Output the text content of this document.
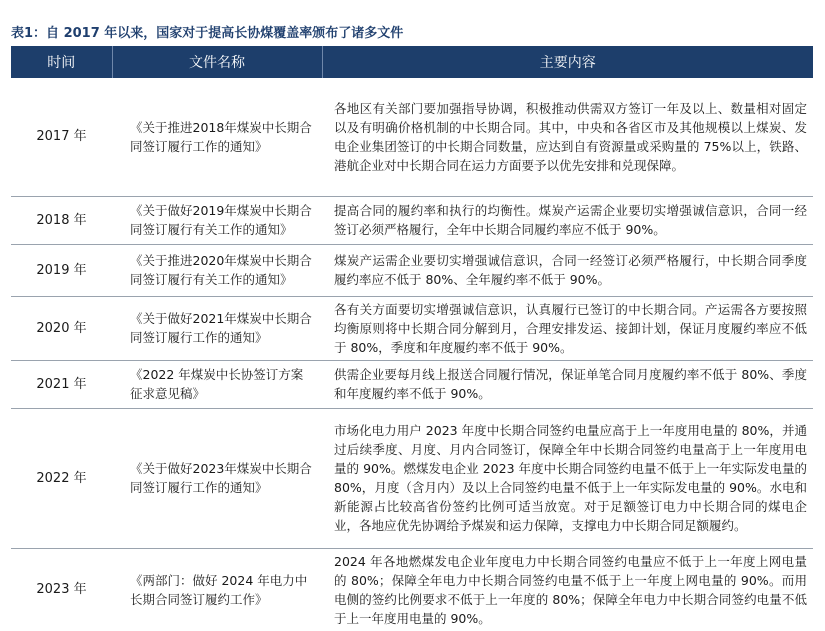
表1：自 2017 年以来，国家对于提高长协煤覆盖率颁布了诸多文件
时间	文件名称	主要内容
2017 年	《关于推进2018年煤炭中长期合同签订履行工作的通知》	各地区有关部门要加强指导协调，积极推动供需双方签订一年及以上、数量相对固定以及有明确价格机制的中长期合同。其中，中央和各省区市及其他规模以上煤炭、发电企业集团签订的中长期合同数量，应达到自有资源量或采购量的 75%以上，铁路、港航企业对中长期合同在运力方面要予以优先安排和兑现保障。
2018 年	《关于做好2019年煤炭中长期合同签订履行有关工作的通知》	提高合同的履约率和执行的均衡性。煤炭产运需企业要切实增强诚信意识，合同一经签订必须严格履行，全年中长期合同履约率应不低于 90%。
2019 年	《关于推进2020年煤炭中长期合同签订履行有关工作的通知》	煤炭产运需企业要切实增强诚信意识，合同一经签订必须严格履行，中长期合同季度履约率应不低于 80%、全年履约率不低于 90%。
2020 年	《关于做好2021年煤炭中长期合同签订履行工作的通知》	各有关方面要切实增强诚信意识，认真履行已签订的中长期合同。产运需各方要按照均衡原则将中长期合同分解到月，合理安排发运、接卸计划，保证月度履约率应不低于 80%，季度和年度履约率不低于 90%。
2021 年	《2022 年煤炭中长协签订方案征求意见稿》	供需企业要每月线上报送合同履行情况，保证单笔合同月度履约率不低于 80%、季度和年度履约率不低于 90%。
2022 年	《关于做好2023年煤炭中长期合同签订履行工作的通知》	市场化电力用户 2023 年度中长期合同签约电量应高于上一年度用电量的 80%，并通过后续季度、月度、月内合同签订，保障全年中长期合同签约电量高于上一年度用电量的 90%。燃煤发电企业 2023 年度中长期合同签约电量不低于上一年实际发电量的 80%，月度（含月内）及以上合同签约电量不低于上一年实际发电量的 90%。水电和新能源占比较高省份签约比例可适当放宽。对于足额签订电力中长期合同的煤电企业，各地应优先协调给予煤炭和运力保障，支撑电力中长期合同足额履约。
2023 年	《两部门：做好 2024 年电力中长期合同签订履约工作》	2024 年各地燃煤发电企业年度电力中长期合同签约电量应不低于上一年度上网电量的 80%；保障全年电力中长期合同签约电量不低于上一年度上网电量的 90%。而用电侧的签约比例要求不低于上一年度的 80%；保障全年电力中长期合同签约电量不低于上一年度用电量的 90%。
